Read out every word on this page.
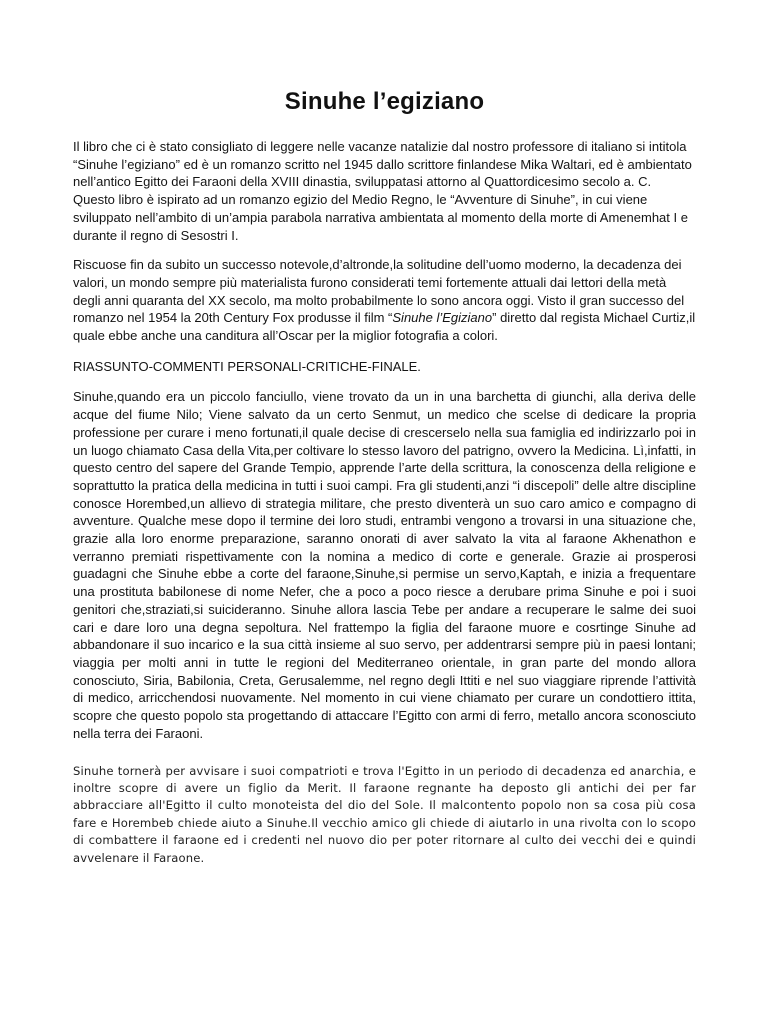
Sinuhe l’egiziano

Il libro che ci è stato consigliato di leggere nelle vacanze natalizie dal nostro professore di italiano si intitola “Sinuhe l’egiziano” ed è un romanzo scritto nel 1945 dallo scrittore finlandese Mika Waltari, ed è ambientato nell’antico Egitto dei Faraoni della XVIII dinastia, sviluppatasi attorno al Quattordicesimo secolo a. C. Questo libro è ispirato ad un romanzo egizio del Medio Regno, le “Avventure di Sinuhe”, in cui viene sviluppato nell’ambito di un’ampia parabola narrativa ambientata al momento della morte di Amenemhat I e durante il regno di Sesostri I.

Riscuose fin da subito un successo notevole,d’altronde,la solitudine dell’uomo moderno, la decadenza dei valori, un mondo sempre più materialista furono considerati temi fortemente attuali dai lettori della metà degli anni quaranta del XX secolo, ma molto probabilmente lo sono ancora oggi. Visto il gran successo del romanzo nel 1954 la 20th Century Fox produsse il film “Sinuhe l’Egiziano” diretto dal regista Michael Curtiz,il quale ebbe anche una canditura all’Oscar per la miglior fotografia a colori.

RIASSUNTO-COMMENTI PERSONALI-CRITICHE-FINALE.

Sinuhe,quando era un piccolo fanciullo, viene trovato da un in una barchetta di giunchi, alla deriva delle acque del fiume Nilo; Viene salvato da un certo Senmut, un medico che scelse di dedicare la propria professione per curare i meno fortunati,il quale decise di crescerselo nella sua famiglia ed indirizzarlo poi in un luogo chiamato Casa della Vita,per coltivare lo stesso lavoro del patrigno, ovvero la Medicina. Lì,infatti, in questo centro del sapere del Grande Tempio, apprende l’arte della scrittura, la conoscenza della religione e soprattutto la pratica della medicina in tutti i suoi campi. Fra gli studenti,anzi “i discepoli” delle altre discipline conosce Horembed,un allievo di strategia militare, che presto diventerà un suo caro amico e compagno di avventure. Qualche mese dopo il termine dei loro studi, entrambi vengono a trovarsi in una situazione che, grazie alla loro enorme preparazione, saranno onorati di aver salvato la vita al faraone Akhenathon e verranno premiati rispettivamente con la nomina a medico di corte e generale. Grazie ai prosperosi guadagni che Sinuhe ebbe a corte del faraone,Sinuhe,si permise un servo,Kaptah, e inizia a frequentare una prostituta babilonese di nome Nefer, che a poco a poco riesce a derubare prima Sinuhe e poi i suoi genitori che,straziati,si suicideranno. Sinuhe allora lascia Tebe per andare a recuperare le salme dei suoi cari e dare loro una degna sepoltura. Nel frattempo la figlia del faraone muore e cosrtinge Sinuhe ad abbandonare il suo incarico e la sua città insieme al suo servo, per addentrarsi sempre più in paesi lontani; viaggia per molti anni in tutte le regioni del Mediterraneo orientale, in gran parte del mondo allora conosciuto, Siria, Babilonia, Creta, Gerusalemme, nel regno degli Ittiti e nel suo viaggiare riprende l’attività di medico, arricchendosi nuovamente. Nel momento in cui viene chiamato per curare un condottiero ittita, scopre che questo popolo sta progettando di attaccare l’Egitto con armi di ferro, metallo ancora sconosciuto nella terra dei Faraoni.

Sinuhe tornerà per avvisare i suoi compatrioti e trova l'Egitto in un periodo di decadenza ed anarchia, e inoltre scopre di avere un figlio da Merit. Il faraone regnante ha deposto gli antichi dei per far abbracciare all'Egitto il culto monoteista del dio del Sole. Il malcontento popolo non sa cosa più cosa fare e Horembeb chiede aiuto a Sinuhe.Il vecchio amico gli chiede di aiutarlo in una rivolta con lo scopo di combattere il faraone ed i credenti nel nuovo dio per poter ritornare al culto dei vecchi dei e quindi avvelenare il Faraone.
